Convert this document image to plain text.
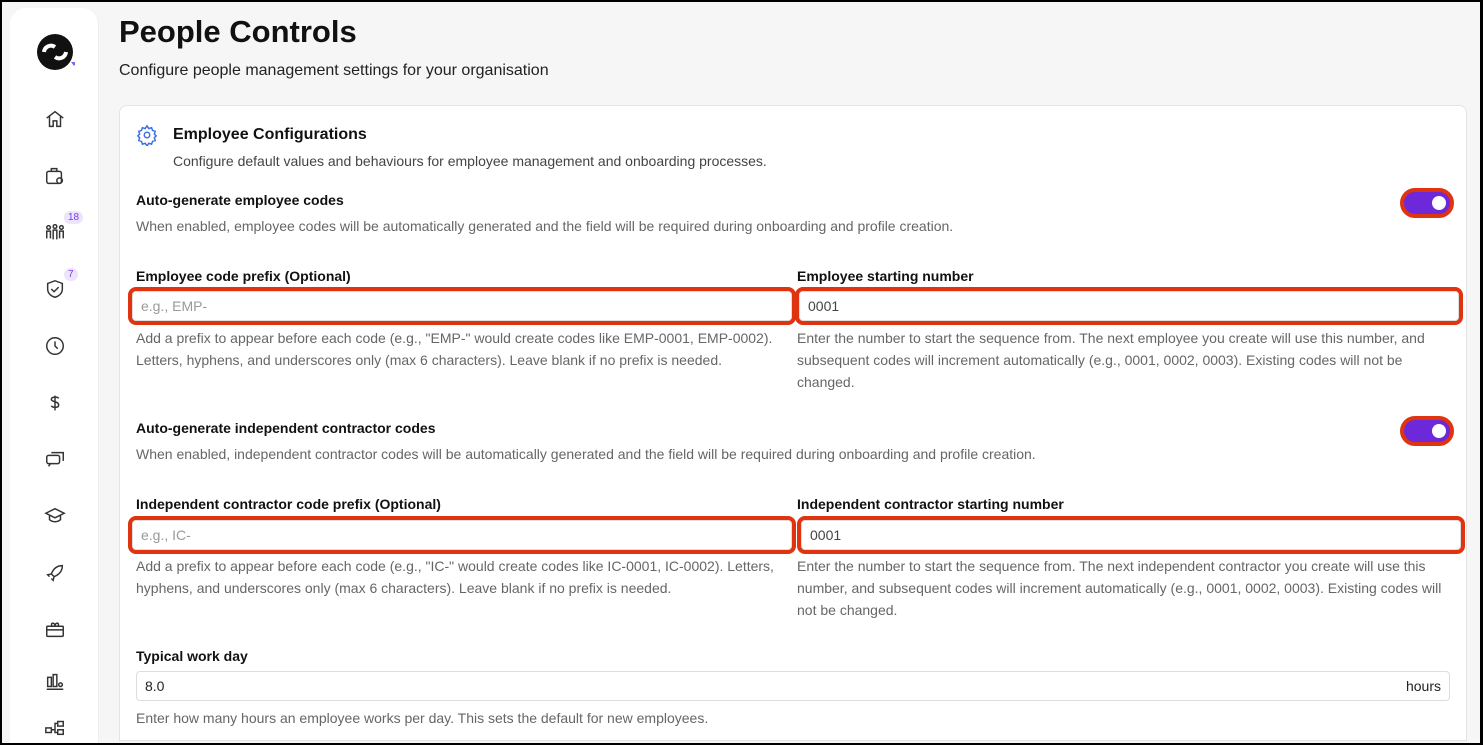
18
7
People Controls
Configure people management settings for your organisation
Employee Configurations
Configure default values and behaviours for employee management and onboarding processes.
Auto-generate employee codes
When enabled, employee codes will be automatically generated and the field will be required during onboarding and profile creation.
Employee code prefix (Optional)
e.g., EMP-
Add a prefix to appear before each code (e.g., "EMP-" would create codes like EMP-0001, EMP-0002). Letters, hyphens, and underscores only (max 6 characters). Leave blank if no prefix is needed.
Employee starting number
0001
Enter the number to start the sequence from. The next employee you create will use this number, and subsequent codes will increment automatically (e.g., 0001, 0002, 0003). Existing codes will not be changed.
Auto-generate independent contractor codes
When enabled, independent contractor codes will be automatically generated and the field will be required during onboarding and profile creation.
Independent contractor code prefix (Optional)
e.g., IC-
Add a prefix to appear before each code (e.g., "IC-" would create codes like IC-0001, IC-0002). Letters, hyphens, and underscores only (max 6 characters). Leave blank if no prefix is needed.
Independent contractor starting number
0001
Enter the number to start the sequence from. The next independent contractor you create will use this number, and subsequent codes will increment automatically (e.g., 0001, 0002, 0003). Existing codes will not be changed.
Typical work day
8.0	hours
Enter how many hours an employee works per day. This sets the default for new employees.
